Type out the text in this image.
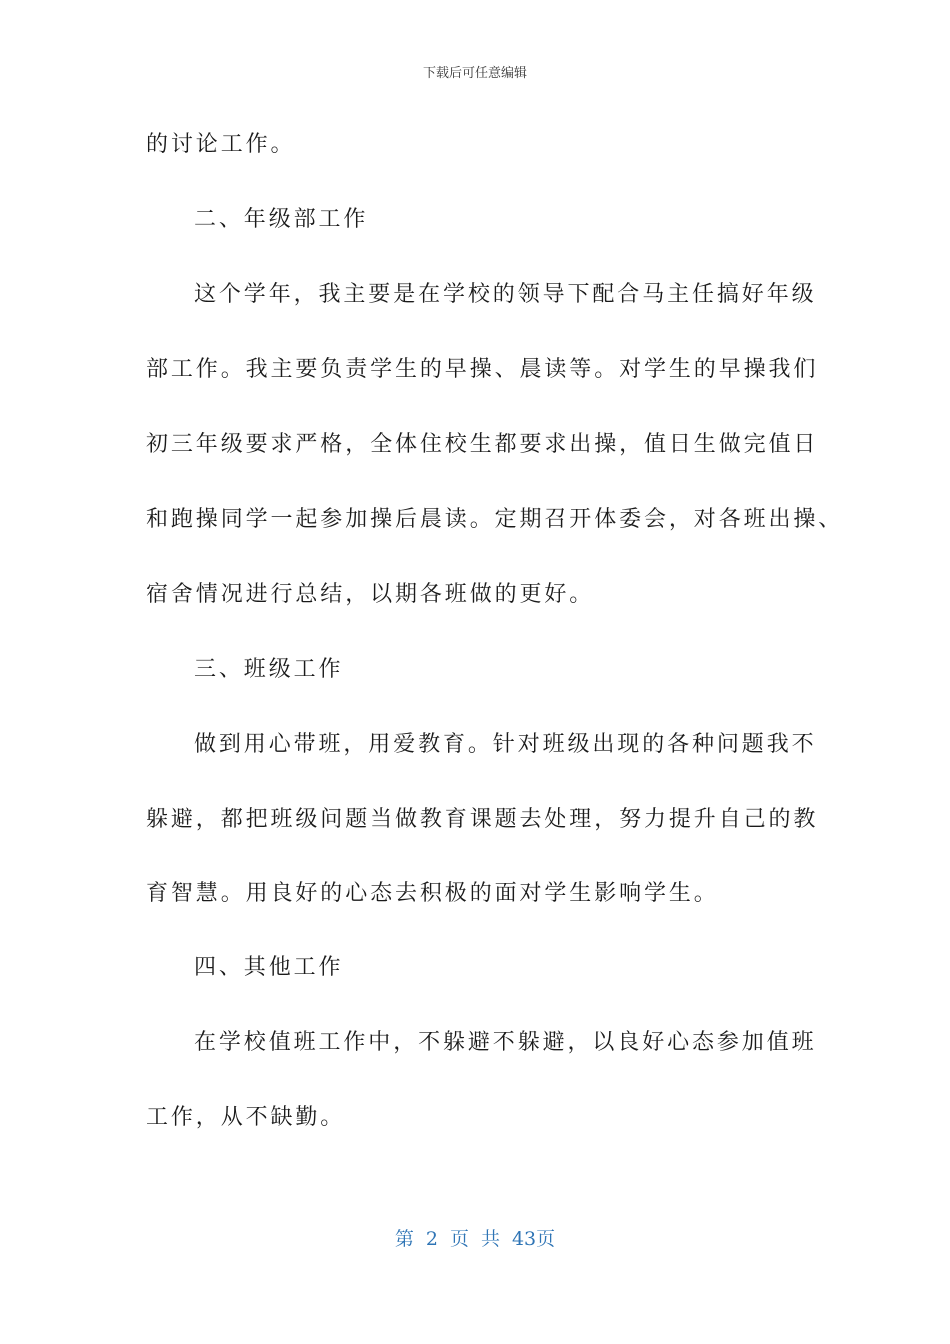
下载后可任意编辑
的讨论工作。
二、年级部工作
这个学年，我主要是在学校的领导下配合马主任搞好年级
部工作。我主要负责学生的早操、晨读等。对学生的早操我们
初三年级要求严格，全体住校生都要求出操，值日生做完值日
和跑操同学一起参加操后晨读。定期召开体委会，对各班出操、
宿舍情况进行总结，以期各班做的更好。
三、班级工作
做到用心带班，用爱教育。针对班级出现的各种问题我不
躲避，都把班级问题当做教育课题去处理，努力提升自己的教
育智慧。用良好的心态去积极的面对学生影响学生。
四、其他工作
在学校值班工作中，不躲避不躲避，以良好心态参加值班
工作，从不缺勤。
第 2 页 共 43页
